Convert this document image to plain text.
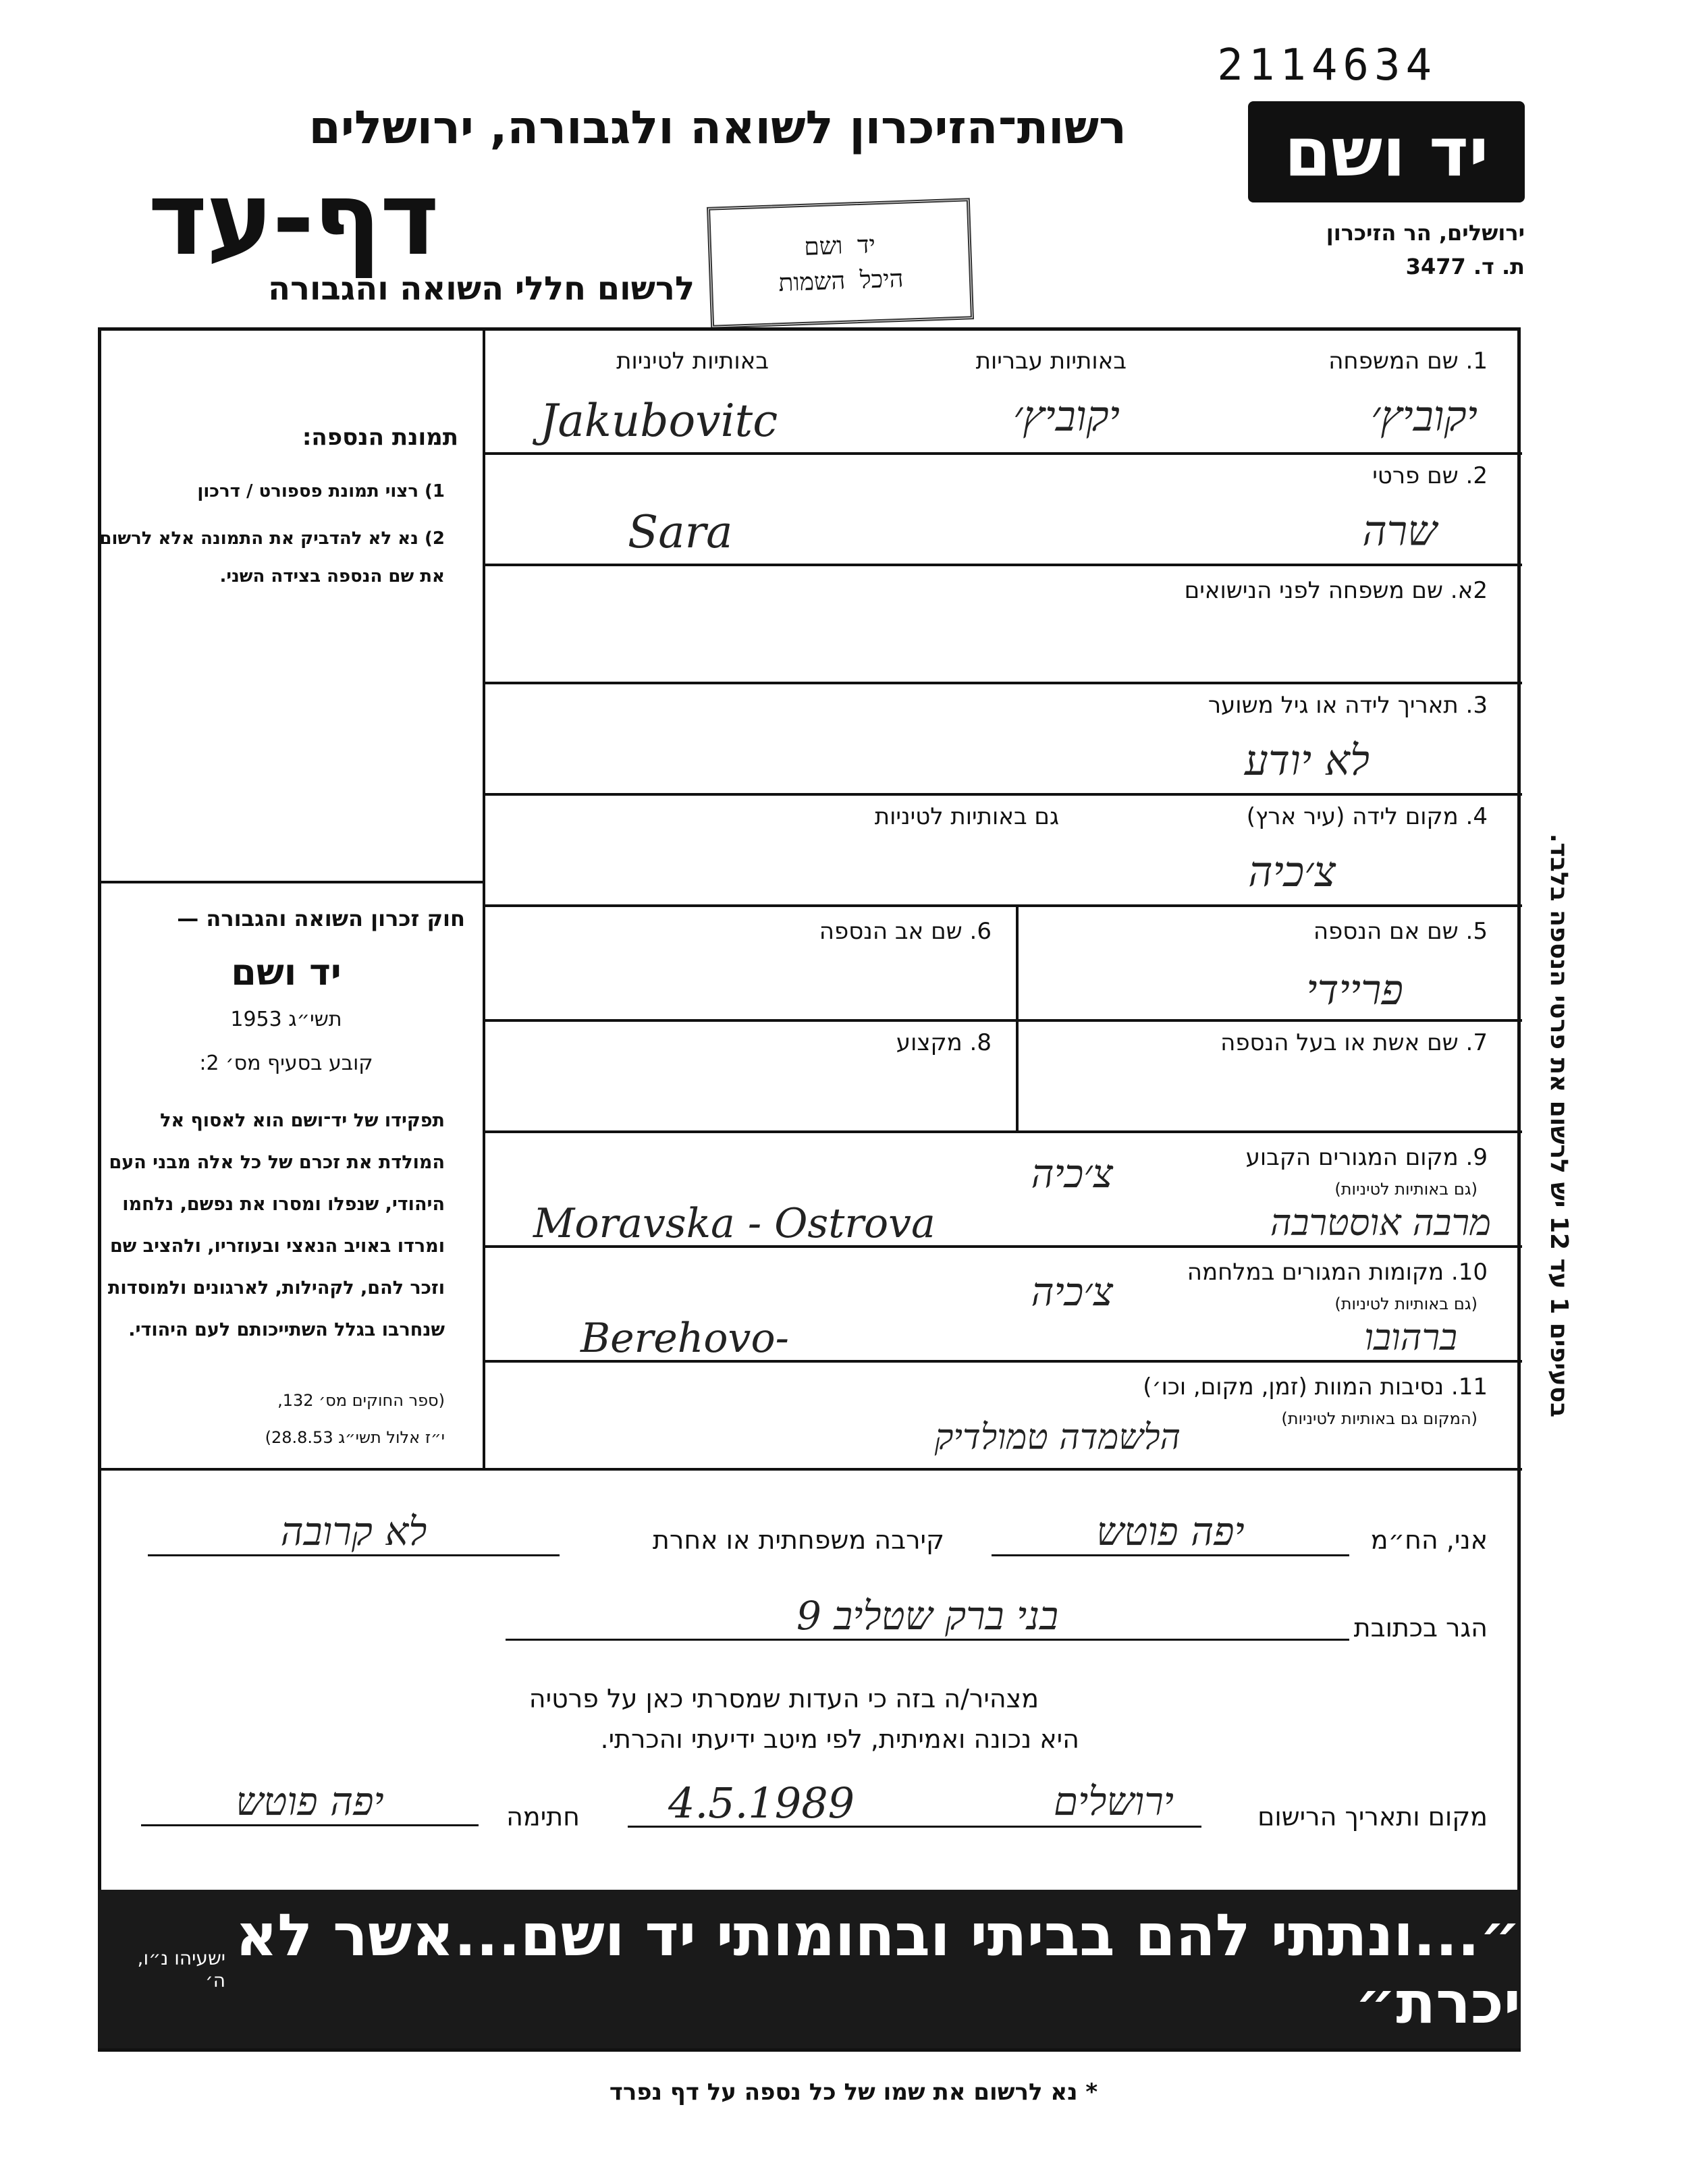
2114634
יד ושם
ירושלים, הר הזיכרון
ת. ד. 3477
רשות־הזיכרון לשואה ולגבורה, ירושלים
דף-עד
לרשום חללי השואה והגבורה
יד ושם
היכל השמות
תמונת הנספה:
1) רצוי תמונת פספורט / דרכון
2) נא לא להדביק את התמונה אלא לרשום את שם הנספה בצידה השני.
חוק זכרון השואה והגבורה —
יד ושם
תשי״ג 1953
קובע בסעיף מס׳ 2:
תפקידו של יד־ושם הוא לאסוף אל המולדת את זכרם של כל אלה מבני העם היהודי, שנפלו ומסרו את נפשם, נלחמו ומרדו באויב הנאצי ובעוזריו, ולהציב שם וזכר להם, לקהילות, לארגונים ולמוסדות שנחרבו בגלל השתייכותם לעם היהודי.
(ספר החוקים מס׳ 132,
י״ז אלול תשי״ג 28.8.53)
1. שם המשפחה
באותיות עבריות
באותיות לטיניות
יקוביץ׳
יקוביץ׳
Jakubovitc
2. שם פרטי
שרה
Sara
2א. שם משפחה לפני הנישואים
3. תאריך לידה או גיל משוער
לא יודע
4. מקום לידה (עיר ארץ)
גם באותיות לטיניות
צ׳כיה
5. שם אם הנספה
פריידי
6. שם אב הנספה
7. שם אשת או בעל הנספה
8. מקצוע
9. מקום המגורים הקבוע
(גם באותיות לטיניות)
צ׳כיה
Moravska - Ostrova	מרבה אוסטרבה
10. מקומות המגורים במלחמה
(גם באותיות לטיניות)
צ׳כיה
Berehovo-	ברהובו
11. נסיבות המוות (זמן, מקום, וכו׳)
(המקום גם באותיות לטיניות)
הלשמדה טמולדיק
אני, הח״מ
יפה פוטש
קירבה משפחתית או אחרת
לא קרובה
הגר בכתובת
בני ברק שטליב 9
מצהיר/ה בזה כי העדות שמסרתי כאן על פרטיה
היא נכונה ואמיתית, לפי מיטב ידיעתי והכרתי.
מקום ותאריך הרישום
ירושלים
4.5.1989
חתימה
יפה פוטש
בסעיפים 1 עד 12 יש לרשום את פרטי הנספה בלבד.
״...ונתתי להם בביתי ובחומותי יד ושם...אשר לא יכרת״
ישעיהו נ״ו, ה׳
* נא לרשום את שמו של כל נספה על דף נפרד
